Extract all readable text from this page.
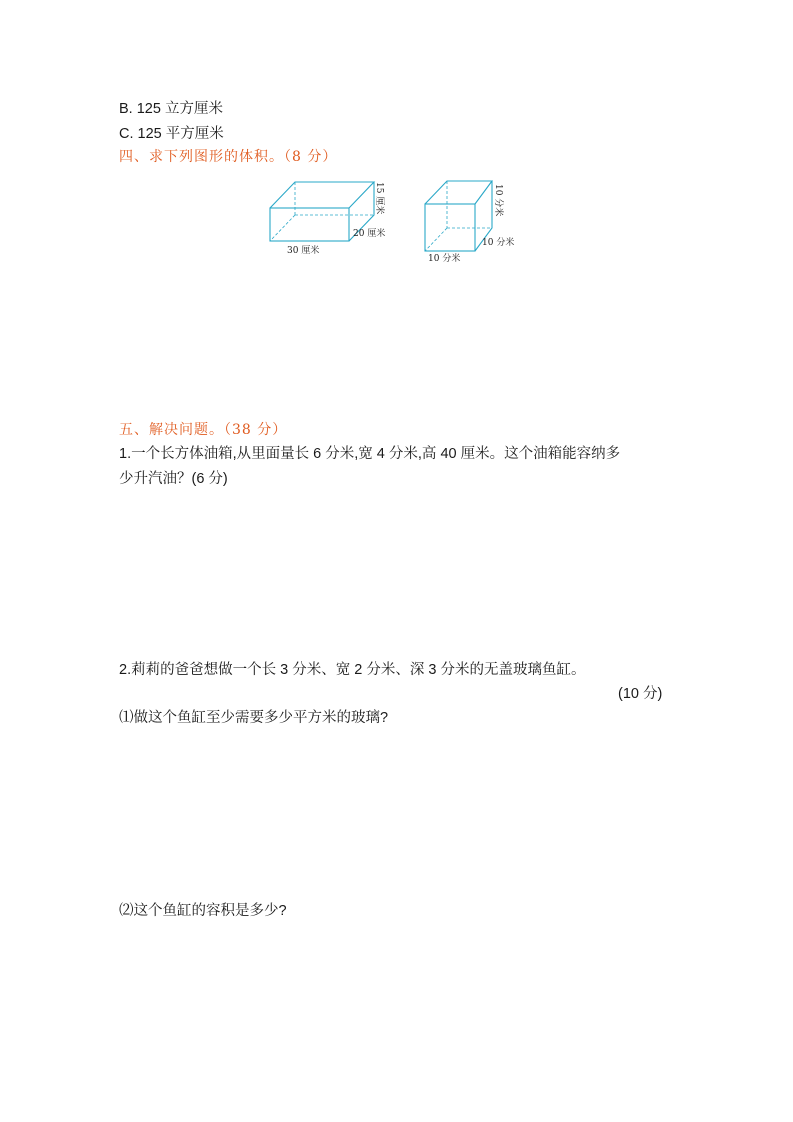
B. 125 立方厘米
C. 125 平方厘米
四、求下列图形的体积。（8 分）
15 厘米
20 厘米
30 厘米
10 分米
10 分米
10 分米
五、解决问题。（38 分）
1.一个长方体油箱,从里面量长 6 分米,宽 4 分米,高 40 厘米。这个油箱能容纳多
少升汽油？(6 分)
2.莉莉的爸爸想做一个长 3 分米、宽 2 分米、深 3 分米的无盖玻璃鱼缸。
(10 分)
⑴做这个鱼缸至少需要多少平方米的玻璃?
⑵这个鱼缸的容积是多少?
